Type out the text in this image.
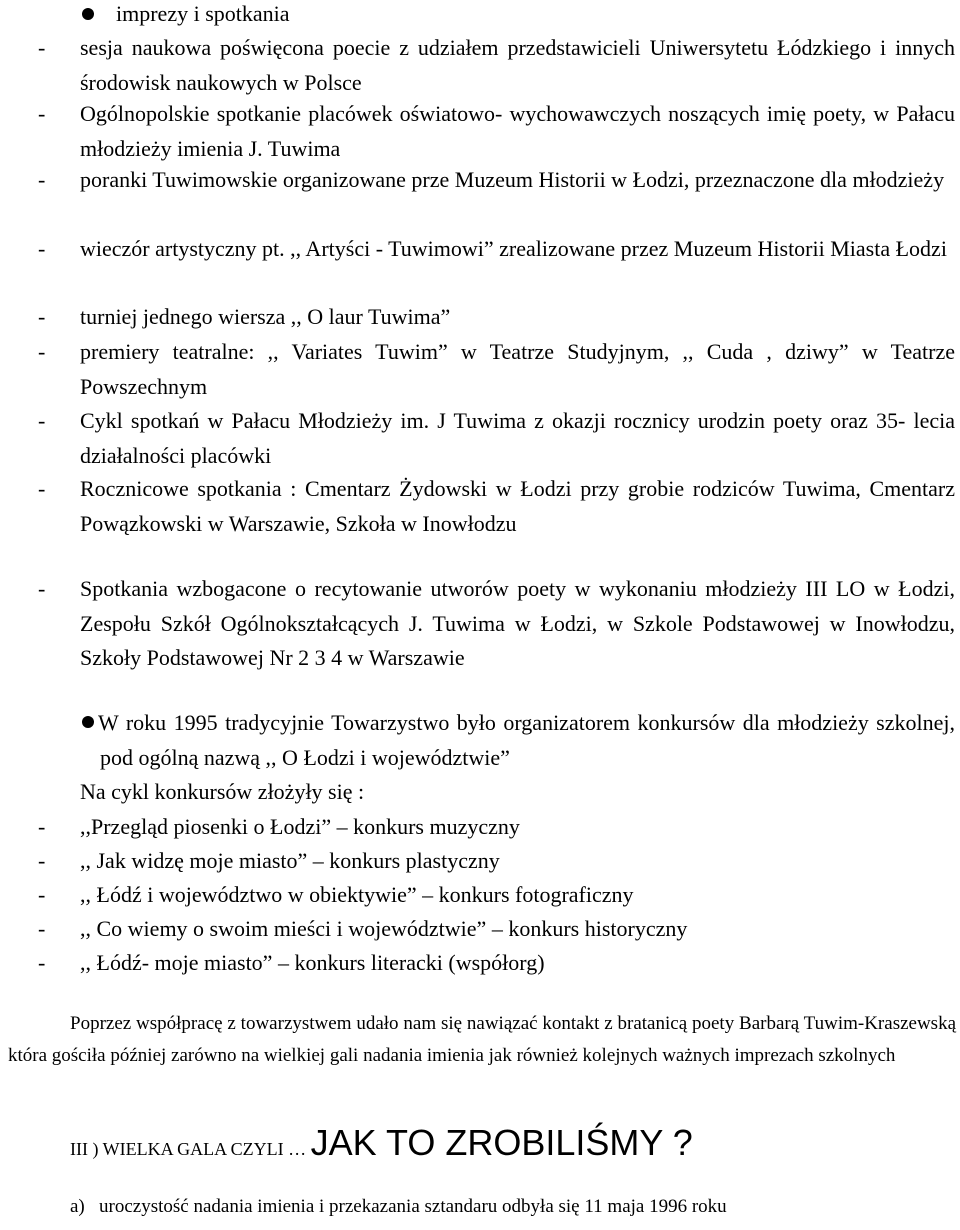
imprezy i spotkania
- sesja naukowa poświęcona poecie z udziałem przedstawicieli Uniwersytetu Łódzkiego i innych środowisk naukowych w Polsce
- Ogólnopolskie spotkanie placówek oświatowo- wychowawczych noszących imię poety, w Pałacu młodzieży imienia J. Tuwima
- poranki Tuwimowskie organizowane prze Muzeum Historii w Łodzi, przeznaczone dla młodzieży
- wieczór artystyczny pt. ,, Artyści - Tuwimowi” zrealizowane przez Muzeum Historii Miasta Łodzi
- turniej jednego wiersza ,, O laur Tuwima”
- premiery teatralne: ,, Variates Tuwim” w Teatrze Studyjnym, ,, Cuda , dziwy” w Teatrze Powszechnym
- Cykl spotkań w Pałacu Młodzieży im. J Tuwima z okazji rocznicy urodzin poety oraz 35- lecia działalności placówki
- Rocznicowe spotkania : Cmentarz Żydowski w Łodzi przy grobie rodziców Tuwima, Cmentarz Powązkowski w Warszawie, Szkoła w Inowłodzu
- Spotkania wzbogacone o recytowanie utworów poety w wykonaniu młodzieży III LO w Łodzi, Zespołu Szkół Ogólnokształcących J. Tuwima w Łodzi, w Szkole Podstawowej w Inowłodzu, Szkoły Podstawowej Nr 2 3 4 w Warszawie
W roku 1995 tradycyjnie Towarzystwo było organizatorem konkursów dla młodzieży szkolnej, pod ogólną nazwą ,, O Łodzi i województwie”
Na cykl konkursów złożyły się :
- ,,Przegląd piosenki o Łodzi” – konkurs muzyczny
- ,, Jak widzę moje miasto” – konkurs plastyczny
- ,, Łódź i województwo w obiektywie” – konkurs fotograficzny
- ,, Co wiemy o swoim mieści i województwie” – konkurs historyczny
- ,, Łódź- moje miasto” – konkurs literacki (współorg)
Poprzez współpracę z towarzystwem udało nam się nawiązać kontakt z bratanicą poety Barbarą Tuwim-Kraszewską która gościła później zarówno na wielkiej gali nadania imienia jak również kolejnych ważnych imprezach szkolnych
III ) WIELKA GALA CZYLI … JAK TO ZROBILIŚMY ?
a) uroczystość nadania imienia i przekazania sztandaru odbyła się 11 maja 1996 roku
